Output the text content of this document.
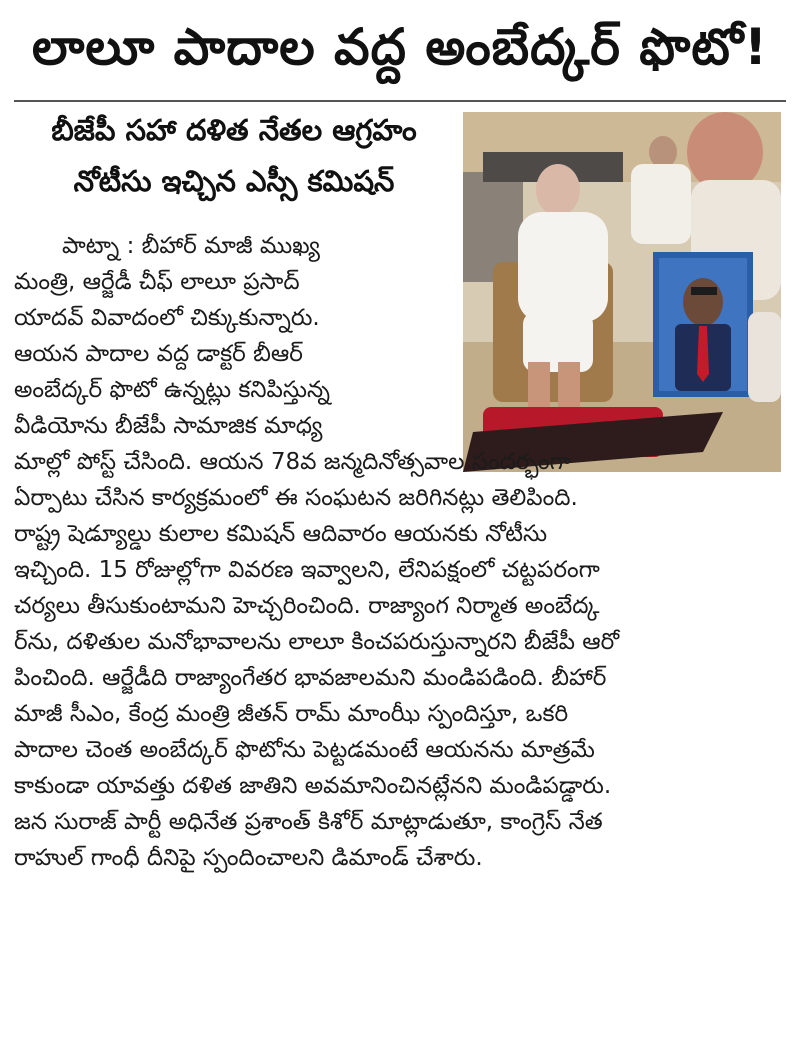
లాలూ పాదాల వద్ద అంబేద్కర్ ఫొటో!
బీజేపీ సహా దళిత నేతల ఆగ్రహం
నోటీసు ఇచ్చిన ఎస్సీ కమిషన్
పాట్నా : బీహార్ మాజీ ముఖ్య
మంత్రి, ఆర్జేడీ చీఫ్ లాలూ ప్రసాద్
యాదవ్ వివాదంలో చిక్కుకున్నారు.
ఆయన పాదాల వద్ద డాక్టర్ బీఆర్
అంబేద్కర్ ఫొటో ఉన్నట్లు కనిపిస్తున్న
వీడియోను బీజేపీ సామాజిక మాధ్య
మాల్లో పోస్ట్ చేసింది. ఆయన 78వ జన్మదినోత్సవాల సందర్భంగా
ఏర్పాటు చేసిన కార్యక్రమంలో ఈ సంఘటన జరిగినట్లు తెలిపింది.
రాష్ట్ర షెడ్యూల్డు కులాల కమిషన్ ఆదివారం ఆయనకు నోటీసు
ఇచ్చింది. 15 రోజుల్లోగా వివరణ ఇవ్వాలని, లేనిపక్షంలో చట్టపరంగా
చర్యలు తీసుకుంటామని హెచ్చరించింది. రాజ్యాంగ నిర్మాత అంబేద్క
ర్‌ను, దళితుల మనోభావాలను లాలూ కించపరుస్తున్నారని బీజేపీ ఆరో
పించింది. ఆర్జేడీది రాజ్యాంగేతర భావజాలమని మండిపడింది. బీహార్
మాజీ సీఎం, కేంద్ర మంత్రి జీతన్ రామ్ మాంఝీ స్పందిస్తూ, ఒకరి
పాదాల చెంత అంబేద్కర్ ఫొటోను పెట్టడమంటే ఆయనను మాత్రమే
కాకుండా యావత్తు దళిత జాతిని అవమానించినట్లేనని మండిపడ్డారు.
జన సురాజ్ పార్టీ అధినేత ప్రశాంత్ కిశోర్ మాట్లాడుతూ, కాంగ్రెస్ నేత
రాహుల్ గాంధీ దీనిపై స్పందించాలని డిమాండ్ చేశారు.
